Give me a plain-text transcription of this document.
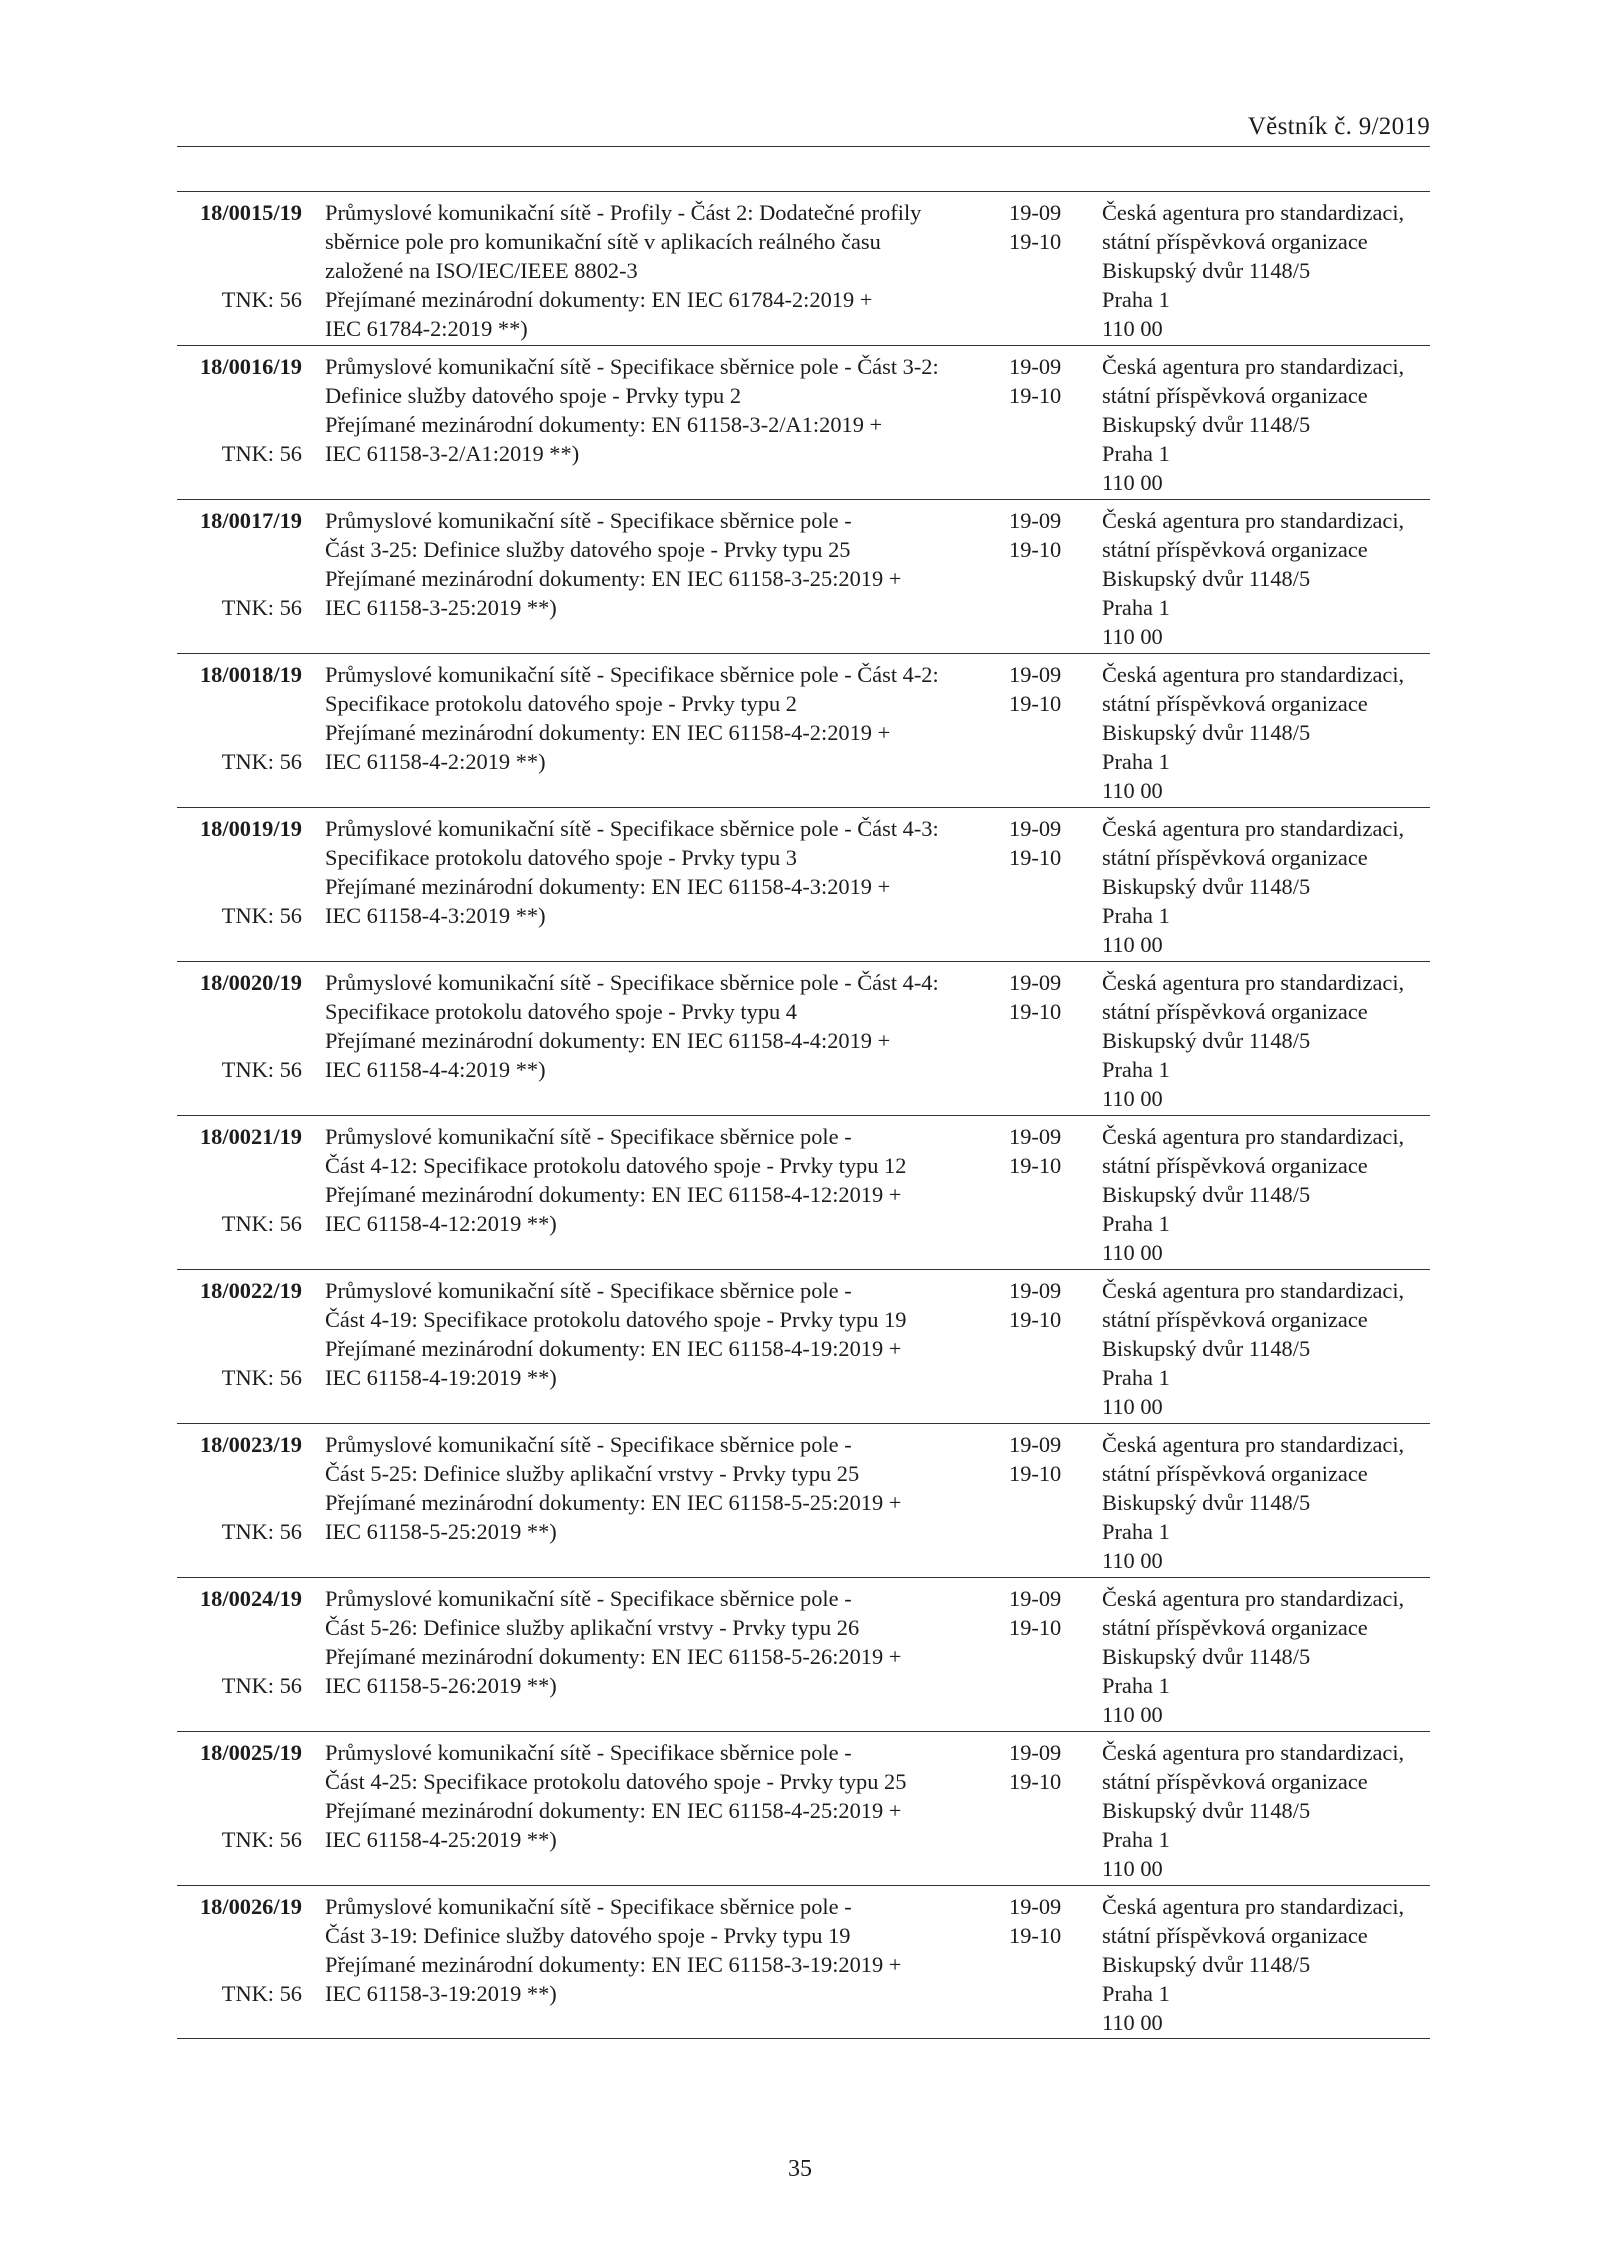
Věstník č. 9/2019
18/0015/19
TNK: 56
Průmyslové komunikační sítě - Profily - Část 2: Dodatečné profily
sběrnice pole pro komunikační sítě v aplikacích reálného času
založené na ISO/IEC/IEEE 8802-3
Přejímané mezinárodní dokumenty: EN IEC 61784-2:2019 +
IEC 61784-2:2019 **)
19-09
19-10
Česká agentura pro standardizaci,
státní příspěvková organizace
Biskupský dvůr 1148/5
Praha 1
110 00
18/0016/19
TNK: 56
Průmyslové komunikační sítě - Specifikace sběrnice pole - Část 3-2:
Definice služby datového spoje - Prvky typu 2
Přejímané mezinárodní dokumenty: EN 61158-3-2/A1:2019 +
IEC 61158-3-2/A1:2019 **)
19-09
19-10
Česká agentura pro standardizaci,
státní příspěvková organizace
Biskupský dvůr 1148/5
Praha 1
110 00
18/0017/19
TNK: 56
Průmyslové komunikační sítě - Specifikace sběrnice pole -
Část 3-25: Definice služby datového spoje - Prvky typu 25
Přejímané mezinárodní dokumenty: EN IEC 61158-3-25:2019 +
IEC 61158-3-25:2019 **)
19-09
19-10
Česká agentura pro standardizaci,
státní příspěvková organizace
Biskupský dvůr 1148/5
Praha 1
110 00
18/0018/19
TNK: 56
Průmyslové komunikační sítě - Specifikace sběrnice pole - Část 4-2:
Specifikace protokolu datového spoje - Prvky typu 2
Přejímané mezinárodní dokumenty: EN IEC 61158-4-2:2019 +
IEC 61158-4-2:2019 **)
19-09
19-10
Česká agentura pro standardizaci,
státní příspěvková organizace
Biskupský dvůr 1148/5
Praha 1
110 00
18/0019/19
TNK: 56
Průmyslové komunikační sítě - Specifikace sběrnice pole - Část 4-3:
Specifikace protokolu datového spoje - Prvky typu 3
Přejímané mezinárodní dokumenty: EN IEC 61158-4-3:2019 +
IEC 61158-4-3:2019 **)
19-09
19-10
Česká agentura pro standardizaci,
státní příspěvková organizace
Biskupský dvůr 1148/5
Praha 1
110 00
18/0020/19
TNK: 56
Průmyslové komunikační sítě - Specifikace sběrnice pole - Část 4-4:
Specifikace protokolu datového spoje - Prvky typu 4
Přejímané mezinárodní dokumenty: EN IEC 61158-4-4:2019 +
IEC 61158-4-4:2019 **)
19-09
19-10
Česká agentura pro standardizaci,
státní příspěvková organizace
Biskupský dvůr 1148/5
Praha 1
110 00
18/0021/19
TNK: 56
Průmyslové komunikační sítě - Specifikace sběrnice pole -
Část 4-12: Specifikace protokolu datového spoje - Prvky typu 12
Přejímané mezinárodní dokumenty: EN IEC 61158-4-12:2019 +
IEC 61158-4-12:2019 **)
19-09
19-10
Česká agentura pro standardizaci,
státní příspěvková organizace
Biskupský dvůr 1148/5
Praha 1
110 00
18/0022/19
TNK: 56
Průmyslové komunikační sítě - Specifikace sběrnice pole -
Část 4-19: Specifikace protokolu datového spoje - Prvky typu 19
Přejímané mezinárodní dokumenty: EN IEC 61158-4-19:2019 +
IEC 61158-4-19:2019 **)
19-09
19-10
Česká agentura pro standardizaci,
státní příspěvková organizace
Biskupský dvůr 1148/5
Praha 1
110 00
18/0023/19
TNK: 56
Průmyslové komunikační sítě - Specifikace sběrnice pole -
Část 5-25: Definice služby aplikační vrstvy - Prvky typu 25
Přejímané mezinárodní dokumenty: EN IEC 61158-5-25:2019 +
IEC 61158-5-25:2019 **)
19-09
19-10
Česká agentura pro standardizaci,
státní příspěvková organizace
Biskupský dvůr 1148/5
Praha 1
110 00
18/0024/19
TNK: 56
Průmyslové komunikační sítě - Specifikace sběrnice pole -
Část 5-26: Definice služby aplikační vrstvy - Prvky typu 26
Přejímané mezinárodní dokumenty: EN IEC 61158-5-26:2019 +
IEC 61158-5-26:2019 **)
19-09
19-10
Česká agentura pro standardizaci,
státní příspěvková organizace
Biskupský dvůr 1148/5
Praha 1
110 00
18/0025/19
TNK: 56
Průmyslové komunikační sítě - Specifikace sběrnice pole -
Část 4-25: Specifikace protokolu datového spoje - Prvky typu 25
Přejímané mezinárodní dokumenty: EN IEC 61158-4-25:2019 +
IEC 61158-4-25:2019 **)
19-09
19-10
Česká agentura pro standardizaci,
státní příspěvková organizace
Biskupský dvůr 1148/5
Praha 1
110 00
18/0026/19
TNK: 56
Průmyslové komunikační sítě - Specifikace sběrnice pole -
Část 3-19: Definice služby datového spoje - Prvky typu 19
Přejímané mezinárodní dokumenty: EN IEC 61158-3-19:2019 +
IEC 61158-3-19:2019 **)
19-09
19-10
Česká agentura pro standardizaci,
státní příspěvková organizace
Biskupský dvůr 1148/5
Praha 1
110 00
35
